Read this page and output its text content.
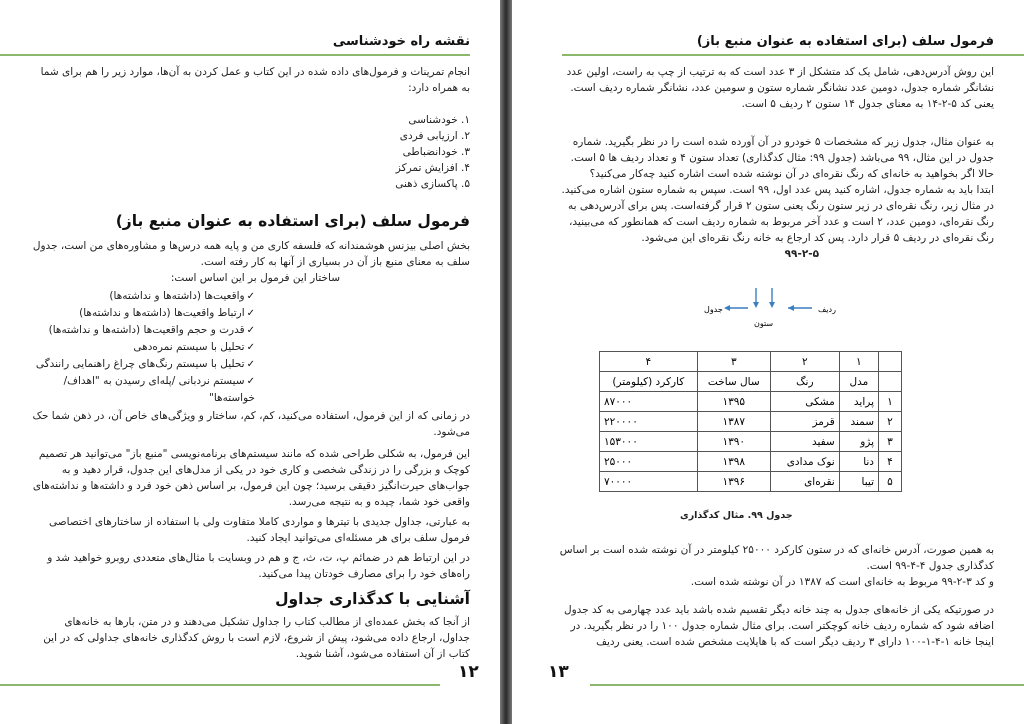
نقشه راه خودشناسی

انجام تمرینات و فرمول‌های داده شده در این کتاب و عمل کردن به آن‌ها، موارد زیر را هم برای شما به همراه دارد:

۱. خودشناسی
۲. ارزیابی فردی
۳. خودانضباطی
۴. افزایش تمرکز
۵. پاکسازی ذهنی
فرمول سلف (برای استفاده به عنوان منبع باز)

بخش اصلی بیزنس هوشمندانه که فلسفه کاری من و پایه همه درس‌ها و مشاوره‌های من است، جدول سلف به معنای منبع باز آن در بسیاری از آنها به کار رفته است.

ساختار این فرمول بر این اساس است:

✓واقعیت‌ها (داشته‌ها و نداشته‌ها)
✓ارتباط واقعیت‌ها (داشته‌ها و نداشته‌ها)
✓قدرت و حجم واقعیت‌ها (داشته‌ها و نداشته‌ها)
✓تحلیل با سیستم نمره‌دهی
✓تحلیل با سیستم رنگ‌های چراغ راهنمایی رانندگی
✓سیستم نردبانی /پله‌ای رسیدن به "اهداف/خواسته‌ها"

در زمانی که از این فرمول، استفاده می‌کنید، کم، کم، ساختار و ویژگی‌های خاص آن، در ذهن شما حک می‌شود.

این فرمول، به شکلی طراحی شده که مانند سیستم‌های برنامه‌نویسی "منبع باز" می‌توانید هر تصمیم کوچک و بزرگی را در زندگی شخصی و کاری خود در یکی از مدل‌های این جدول، قرار دهید و به جواب‌های حیرت‌انگیز دقیقی برسید؛ چون این فرمول، بر اساس ذهن خود فرد و داشته‌ها و نداشته‌های واقعی خود شما، چیده و به نتیجه می‌رسد.

به عبارتی، جداول جدیدی با تیترها و مواردی کاملا متفاوت ولی با استفاده از ساختارهای اختصاصی فرمول سلف برای هر مسئله‌ای می‌توانید ایجاد کنید.

در این ارتباط هم در ضمائم پ، ت، ث، ج و هم در وبسایت با مثال‌های متعددی روبرو خواهید شد و راه‌های خود را برای مصارف خودتان پیدا می‌کنید.

آشنایی با کدگذاری جداول

از آنجا که بخش عمده‌ای از مطالب کتاب را جداول تشکیل می‌دهند و در متن، بارها به خانه‌های جداول، ارجاع داده می‌شود، پیش از شروع، لازم است با روش کدگذاری خانه‌های جداولی که در این کتاب از آن استفاده می‌شود، آشنا شوید.

۱۲
فرمول سلف (برای استفاده به عنوان منبع باز)

این روش آدرس‌دهی، شامل یک کد متشکل از ۳ عدد است که به ترتیب از چپ به راست، اولین عدد نشانگر شماره جدول، دومین عدد نشانگر شماره ستون و سومین عدد، نشانگر شماره ردیف است. یعنی کد ۵-۲-۱۴ به معنای جدول ۱۴ ستون ۲ ردیف ۵ است.

به عنوان مثال، جدول زیر که مشخصات ۵ خودرو در آن آورده شده است را در نظر بگیرید. شماره جدول در این مثال، ۹۹ می‌باشد (جدول ۹۹: مثال کدگذاری) تعداد ستون ۴ و تعداد ردیف ها ۵ است.

حالا اگر بخواهید به خانه‌ای که رنگ نقره‌ای در آن نوشته شده است اشاره کنید چه‌کار می‌کنید؟

ابتدا باید به شماره جدول، اشاره کنید پس عدد اول، ۹۹ است. سپس به شماره ستون اشاره می‌کنید.

در مثال زیر، رنگ نقره‌ای در زیر ستون رنگ یعنی ستون ۲ قرار گرفته‌است. پس برای آدرس‌دهی به رنگ نقره‌ای، دومین عدد، ۲ است و عدد آخر مربوط به شماره ردیف است که همانطور که می‌بینید، رنگ نقره‌ای در ردیف ۵ قرار دارد. پس کد ارجاع به خانه رنگ نقره‌ای این می‌شود.

۹۹-۲-۵

جدول
ستون
ردیف
	۱	۲	۳	۴
	مدل	رنگ	سال ساخت	کارکرد (کیلومتر)
۱	پراید	مشکی	۱۳۹۵	۸۷۰۰۰
۲	سمند	قرمز	۱۳۸۷	۲۲۰۰۰۰
۳	پژو	سفید	۱۳۹۰	۱۵۳۰۰۰
۴	دنا	نوک مدادی	۱۳۹۸	۲۵۰۰۰
۵	تیبا	نقره‌ای	۱۳۹۶	۷۰۰۰۰
جدول ۹۹. مثال کدگذاری

به همین صورت، آدرس خانه‌ای که در ستون کارکرد ۲۵۰۰۰ کیلومتر در آن نوشته شده است بر اساس کدگذاری جدول ۴-۴-۹۹ است.

و کد ۳-۲-۹۹ مربوط به خانه‌ای است که ۱۳۸۷ در آن نوشته شده است.

در صورتیکه یکی از خانه‌های جدول به چند خانه دیگر تقسیم شده باشد باید عدد چهارمی به کد جدول اضافه شود که شماره ردیف خانه کوچکتر است. برای مثال شماره جدول ۱۰۰ را در نظر بگیرید. در اینجا خانه ۱-۴-۱-۱۰۰ دارای ۳ ردیف دیگر است که با هایلایت مشخص شده است. یعنی ردیف

۱۳
